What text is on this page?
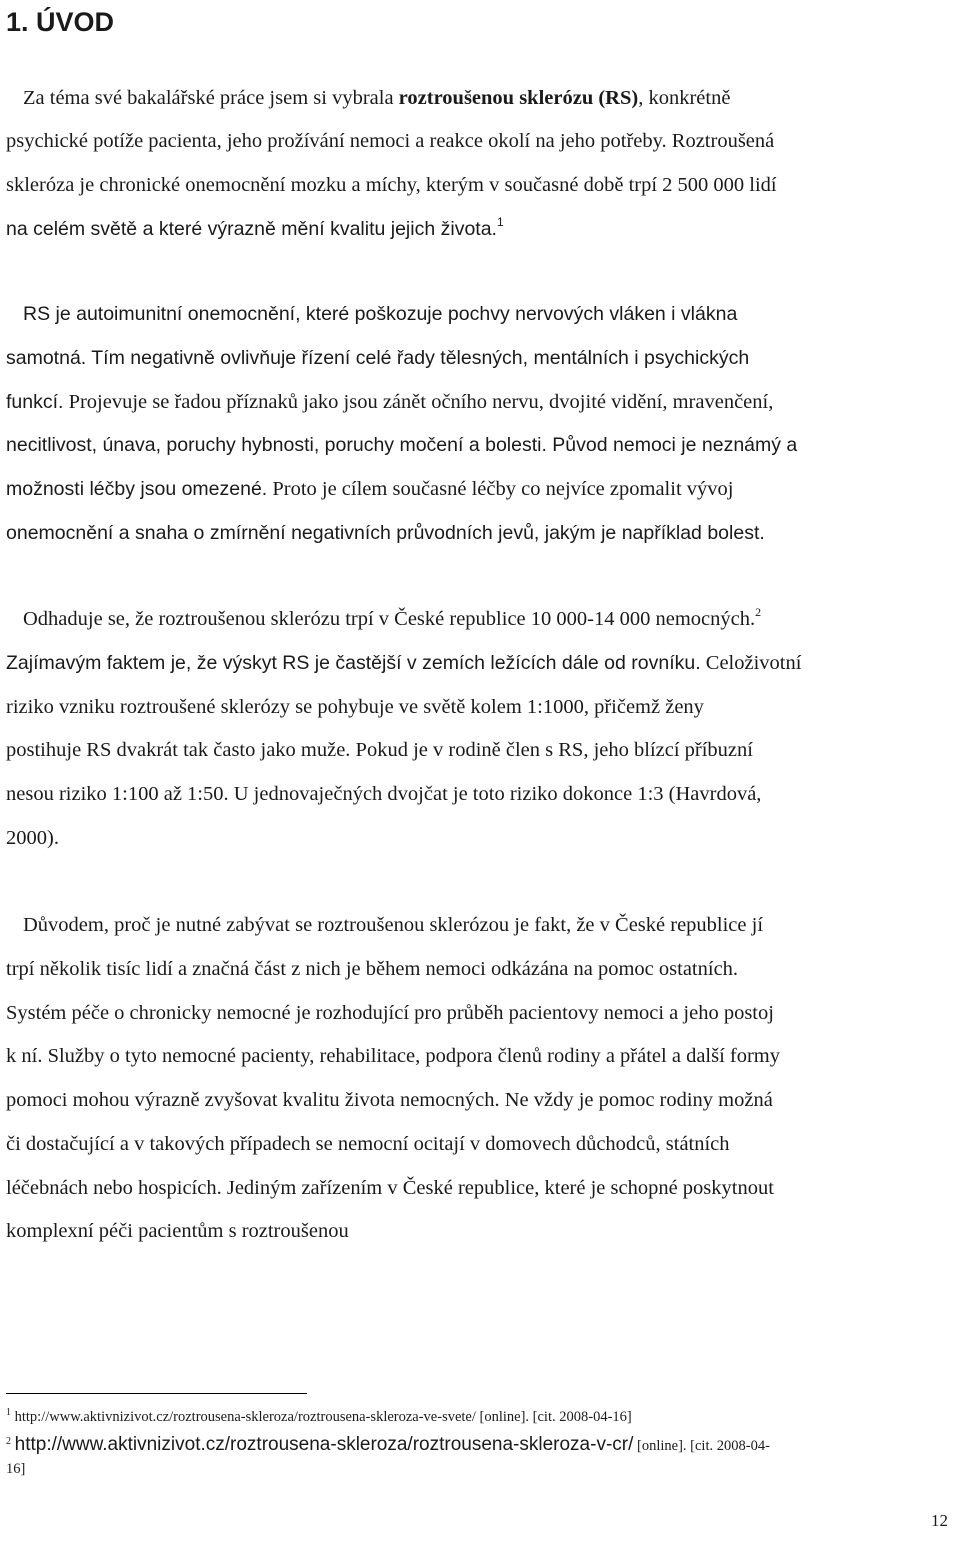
1. ÚVOD
Za téma své bakalářské práce jsem si vybrala roztroušenou sklerózu (RS), konkrétně
psychické potíže pacienta, jeho prožívání nemoci a reakce okolí na jeho potřeby. Roztroušená
skleróza je chronické onemocnění mozku a míchy, kterým v současné době trpí 2 500 000 lidí
na celém světě a které výrazně mění kvalitu jejich života.$^1$
RS je autoimunitní onemocnění, které poškozuje pochvy nervových vláken i vlákna
samotná. Tím negativně ovlivňuje řízení celé řady tělesných, mentálních i psychických
funkcí. Projevuje se řadou příznaků jako jsou zánět očního nervu, dvojité vidění, mravenčení,
necitlivost, únava, poruchy hybnosti, poruchy močení a bolesti. Původ nemoci je neznámý a
možnosti léčby jsou omezené. Proto je cílem současné léčby co nejvíce zpomalit vývoj
onemocnění a snaha o zmírnění negativních průvodních jevů, jakým je například bolest.
Odhaduje se, že roztroušenou sklerózu trpí v České republice 10 000-14 000 nemocných.$^2$
Zajímavým faktem je, že výskyt RS je častější v zemích ležících dále od rovníku. Celoživotní
riziko vzniku roztroušené sklerózy se pohybuje ve světě kolem 1:1000, přičemž ženy
postihuje RS dvakrát tak často jako muže. Pokud je v rodině člen s RS, jeho blízcí příbuzní
nesou riziko 1:100 až 1:50. U jednovaječných dvojčat je toto riziko dokonce 1:3 (Havrdová,
2000).
Důvodem, proč je nutné zabývat se roztroušenou sklerózou je fakt, že v České republice jí
trpí několik tisíc lidí a značná část z nich je během nemoci odkázána na pomoc ostatních.
Systém péče o chronicky nemocné je rozhodující pro průběh pacientovy nemoci a jeho postoj
k ní. Služby o tyto nemocné pacienty, rehabilitace, podpora členů rodiny a přátel a další formy
pomoci mohou výrazně zvyšovat kvalitu života nemocných. Ne vždy je pomoc rodiny možná
či dostačující a v takových případech se nemocní ocitají v domovech důchodců, státních
léčebnách nebo hospicích. Jediným zařízením v České republice, které je schopné poskytnout
komplexní péči pacientům s roztroušenou
$^1$ http://www.aktivnizivot.cz/roztrousena-skleroza/roztrousena-skleroza-ve-svete/ [online]. [cit. 2008-04-16]
$^2$ http://www.aktivnizivot.cz/roztrousena-skleroza/roztrousena-skleroza-v-cr/ [online]. [cit. 2008-04-
16]
12
